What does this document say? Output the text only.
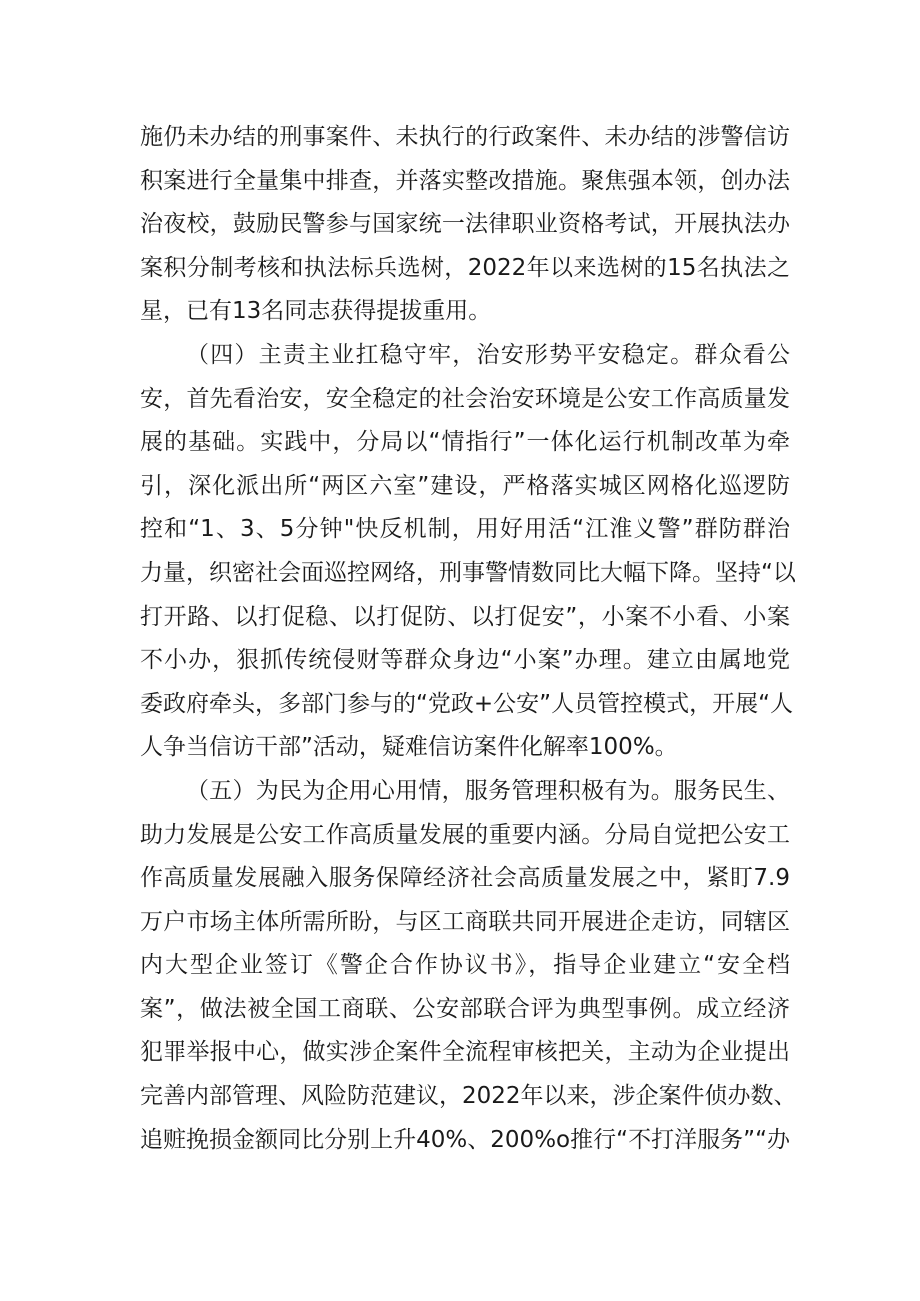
施仍未办结的刑事案件、未执行的行政案件、未办结的涉警信访
积案进行全量集中排查，并落实整改措施。聚焦强本领，创办法
治夜校，鼓励民警参与国家统一法律职业资格考试，开展执法办
案积分制考核和执法标兵选树，2022年以来选树的15名执法之
星，已有13名同志获得提拔重用。
（四）主责主业扛稳守牢，治安形势平安稳定。群众看公
安，首先看治安，安全稳定的社会治安环境是公安工作高质量发
展的基础。实践中，分局以“情指行”一体化运行机制改革为牵
引，深化派出所“两区六室”建设，严格落实城区网格化巡逻防
控和“1、3、5分钟"快反机制，用好用活“江淮义警”群防群治
力量，织密社会面巡控网络，刑事警情数同比大幅下降。坚持“以
打开路、以打促稳、以打促防、以打促安”，小案不小看、小案
不小办，狠抓传统侵财等群众身边“小案”办理。建立由属地党
委政府牵头，多部门参与的“党政+公安”人员管控模式，开展“人
人争当信访干部”活动，疑难信访案件化解率100%。
（五）为民为企用心用情，服务管理积极有为。服务民生、
助力发展是公安工作高质量发展的重要内涵。分局自觉把公安工
作高质量发展融入服务保障经济社会高质量发展之中，紧盯7.9
万户市场主体所需所盼，与区工商联共同开展进企走访，同辖区
内大型企业签订《警企合作协议书》，指导企业建立“安全档
案”，做法被全国工商联、公安部联合评为典型事例。成立经济
犯罪举报中心，做实涉企案件全流程审核把关，主动为企业提出
完善内部管理、风险防范建议，2022年以来，涉企案件侦办数、
追赃挽损金额同比分别上升40%、200%o推行“不打洋服务”“办
